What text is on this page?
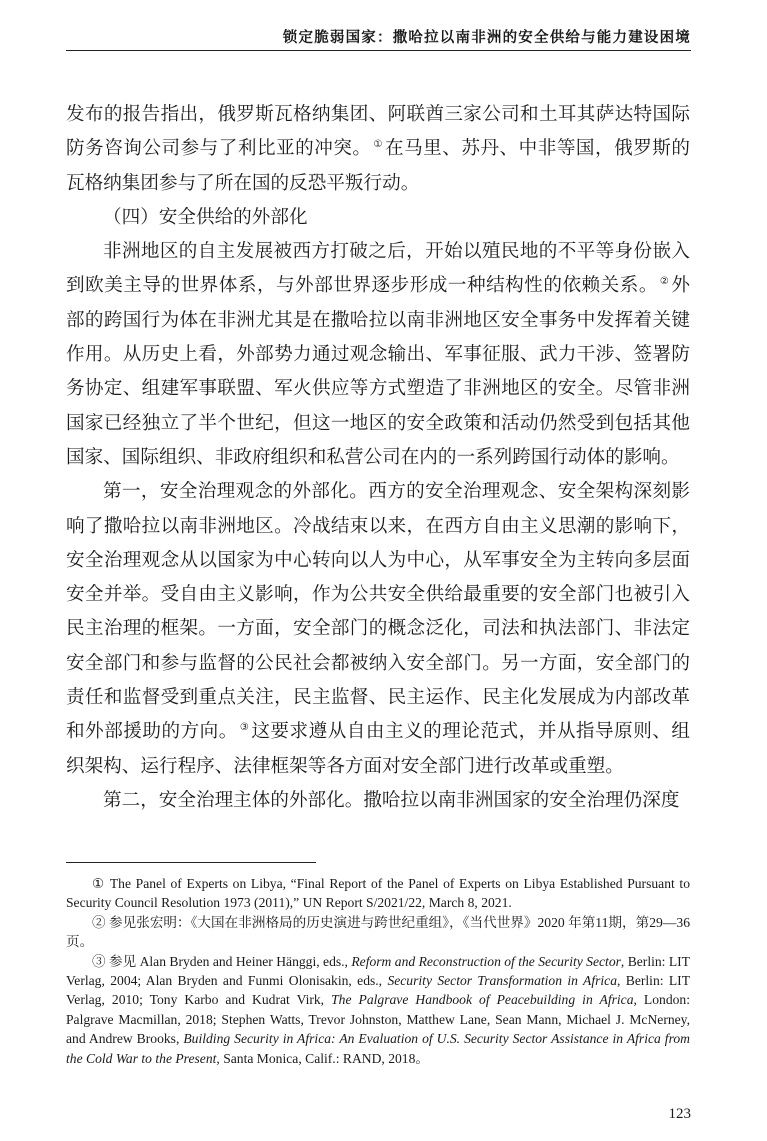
锁定脆弱国家：撒哈拉以南非洲的安全供给与能力建设困境

发布的报告指出，俄罗斯瓦格纳集团、阿联酋三家公司和土耳其萨达特国际防务咨询公司参与了利比亚的冲突。 ① 在马里、苏丹、中非等国，俄罗斯的瓦格纳集团参与了所在国的反恐平叛行动。

（四）安全供给的外部化

非洲地区的自主发展被西方打破之后，开始以殖民地的不平等身份嵌入到欧美主导的世界体系，与外部世界逐步形成一种结构性的依赖关系。 ② 外部的跨国行为体在非洲尤其是在撒哈拉以南非洲地区安全事务中发挥着关键作用。从历史上看，外部势力通过观念输出、军事征服、武力干涉、签署防务协定、组建军事联盟、军火供应等方式塑造了非洲地区的安全。尽管非洲国家已经独立了半个世纪，但这一地区的安全政策和活动仍然受到包括其他国家、国际组织、非政府组织和私营公司在内的一系列跨国行动体的影响。

第一，安全治理观念的外部化。西方的安全治理观念、安全架构深刻影响了撒哈拉以南非洲地区。冷战结束以来，在西方自由主义思潮的影响下，安全治理观念从以国家为中心转向以人为中心，从军事安全为主转向多层面安全并举。受自由主义影响，作为公共安全供给最重要的安全部门也被引入民主治理的框架。一方面，安全部门的概念泛化，司法和执法部门、非法定安全部门和参与监督的公民社会都被纳入安全部门。另一方面，安全部门的责任和监督受到重点关注，民主监督、民主运作、民主化发展成为内部改革和外部援助的方向。 ③ 这要求遵从自由主义的理论范式，并从指导原则、组织架构、运行程序、法律框架等各方面对安全部门进行改革或重塑。

第二，安全治理主体的外部化。撒哈拉以南非洲国家的安全治理仍深度

① The Panel of Experts on Libya, “Final Report of the Panel of Experts on Libya Established Pursuant to Security Council Resolution 1973 (2011),” UN Report S/2021/22, March 8, 2021.

② 参见张宏明：《大国在非洲格局的历史演进与跨世纪重组》，《当代世界》2020 年第11期，第29—36页。

③ 参见 Alan Bryden and Heiner Hänggi, eds., Reform and Reconstruction of the Security Sector, Berlin: LIT Verlag, 2004; Alan Bryden and Funmi Olonisakin, eds., Security Sector Transformation in Africa, Berlin: LIT Verlag, 2010; Tony Karbo and Kudrat Virk, The Palgrave Handbook of Peacebuilding in Africa, London: Palgrave Macmillan, 2018; Stephen Watts, Trevor Johnston, Matthew Lane, Sean Mann, Michael J. McNerney, and Andrew Brooks, Building Security in Africa: An Evaluation of U.S. Security Sector Assistance in Africa from the Cold War to the Present, Santa Monica, Calif.: RAND, 2018。

123
